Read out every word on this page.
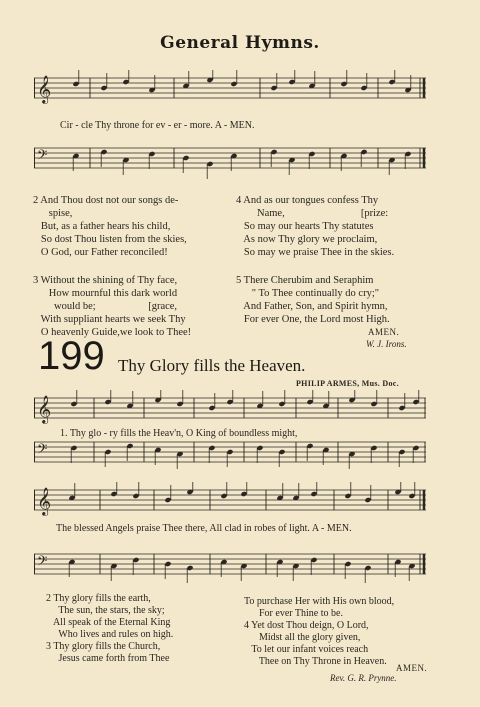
General Hymns.
𝄞
𝄢
Cir - cle Thy throne for ev - er - more. A - MEN.
2 And Thou dost not our songs de-
spise,
But, as a father hears his child,
So dost Thou listen from the skies,
O God, our Father reconciled!
3 Without the shining of Thy face,
How mournful this dark world
would be;                    [grace,
With suppliant hearts we seek Thy
O heavenly Guide,we look to Thee!
4 And as our tongues confess Thy
Name,                             [prize:
So may our hearts Thy statutes
As now Thy glory we proclaim,
So may we praise Thee in the skies.
5 There Cherubim and Seraphim
" To Thee continually do cry;"
And Father, Son, and Spirit hymn,
For ever One, the Lord most High.
AMEN.
W. J. Irons.
199 Thy Glory fills the Heaven.
PHILIP ARMES, Mus. Doc.
𝄞
𝄢
1. Thy glo - ry fills the Heav'n, O King of boundless might,
𝄞
𝄢
The blessed Angels praise Thee there, All clad in robes of light. A - MEN.
2 Thy glory fills the earth,
The sun, the stars, the sky;
All speak of the Eternal King
Who lives and rules on high.
3 Thy glory fills the Church,
Jesus came forth from Thee
To purchase Her with His own blood,
For ever Thine to be.
4 Yet dost Thou deign, O Lord,
Midst all the glory given,
To let our infant voices reach
Thee on Thy Throne in Heaven.
AMEN.
Rev. G. R. Prynne.
